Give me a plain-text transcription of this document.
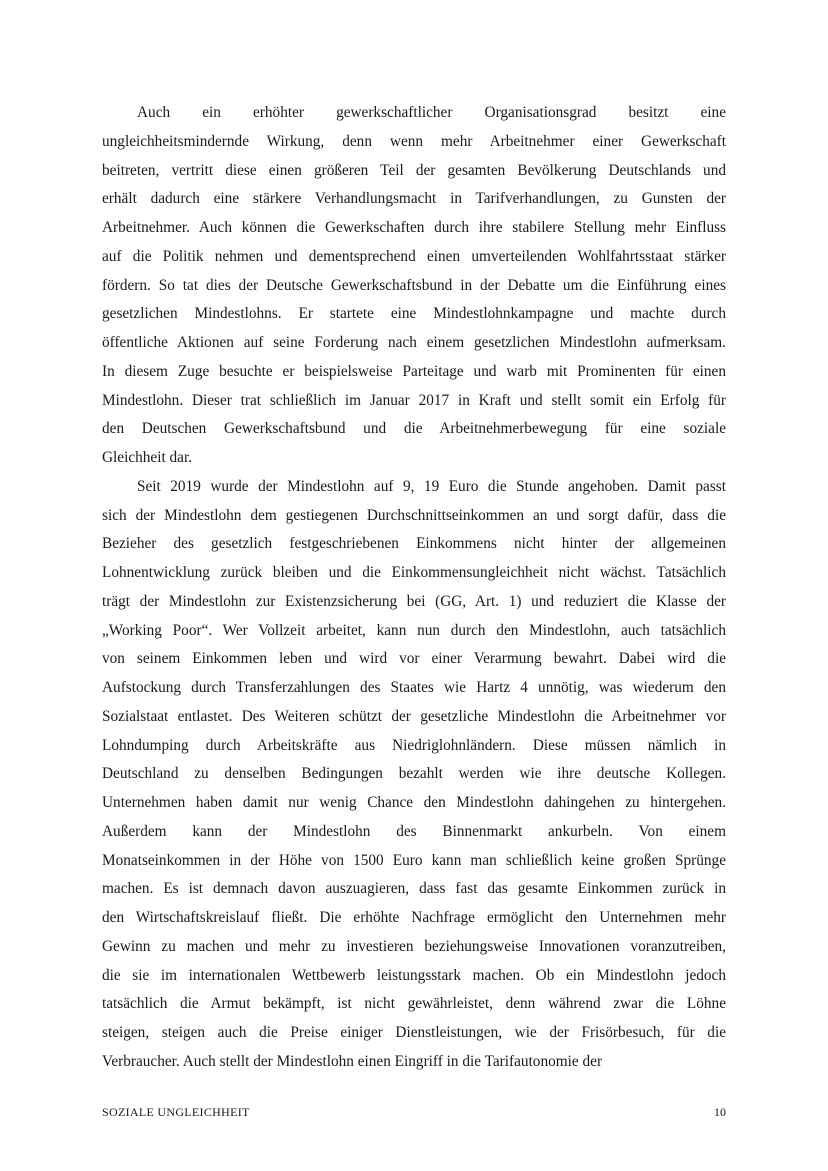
Auch ein erhöhter gewerkschaftlicher Organisationsgrad besitzt eine
ungleichheitsmindernde Wirkung, denn wenn mehr Arbeitnehmer einer Gewerkschaft
beitreten, vertritt diese einen größeren Teil der gesamten Bevölkerung Deutschlands und
erhält dadurch eine stärkere Verhandlungsmacht in Tarifverhandlungen, zu Gunsten der
Arbeitnehmer. Auch können die Gewerkschaften durch ihre stabilere Stellung mehr Einfluss
auf die Politik nehmen und dementsprechend einen umverteilenden Wohlfahrtsstaat stärker
fördern. So tat dies der Deutsche Gewerkschaftsbund in der Debatte um die Einführung eines
gesetzlichen Mindestlohns. Er startete eine Mindestlohnkampagne und machte durch
öffentliche Aktionen auf seine Forderung nach einem gesetzlichen Mindestlohn aufmerksam.
In diesem Zuge besuchte er beispielsweise Parteitage und warb mit Prominenten für einen
Mindestlohn. Dieser trat schließlich im Januar 2017 in Kraft und stellt somit ein Erfolg für
den Deutschen Gewerkschaftsbund und die Arbeitnehmerbewegung für eine soziale
Gleichheit dar.
Seit 2019 wurde der Mindestlohn auf 9, 19 Euro die Stunde angehoben. Damit passt
sich der Mindestlohn dem gestiegenen Durchschnittseinkommen an und sorgt dafür, dass die
Bezieher des gesetzlich festgeschriebenen Einkommens nicht hinter der allgemeinen
Lohnentwicklung zurück bleiben und die Einkommensungleichheit nicht wächst. Tatsächlich
trägt der Mindestlohn zur Existenzsicherung bei (GG, Art. 1) und reduziert die Klasse der
„Working Poor“. Wer Vollzeit arbeitet, kann nun durch den Mindestlohn, auch tatsächlich
von seinem Einkommen leben und wird vor einer Verarmung bewahrt. Dabei wird die
Aufstockung durch Transferzahlungen des Staates wie Hartz 4 unnötig, was wiederum den
Sozialstaat entlastet. Des Weiteren schützt der gesetzliche Mindestlohn die Arbeitnehmer vor
Lohndumping durch Arbeitskräfte aus Niedriglohnländern. Diese müssen nämlich in
Deutschland zu denselben Bedingungen bezahlt werden wie ihre deutsche Kollegen.
Unternehmen haben damit nur wenig Chance den Mindestlohn dahingehen zu hintergehen.
Außerdem kann der Mindestlohn des Binnenmarkt ankurbeln. Von einem
Monatseinkommen in der Höhe von 1500 Euro kann man schließlich keine großen Sprünge
machen. Es ist demnach davon auszuagieren, dass fast das gesamte Einkommen zurück in
den Wirtschaftskreislauf fließt. Die erhöhte Nachfrage ermöglicht den Unternehmen mehr
Gewinn zu machen und mehr zu investieren beziehungsweise Innovationen voranzutreiben,
die sie im internationalen Wettbewerb leistungsstark machen. Ob ein Mindestlohn jedoch
tatsächlich die Armut bekämpft, ist nicht gewährleistet, denn während zwar die Löhne
steigen, steigen auch die Preise einiger Dienstleistungen, wie der Frisörbesuch, für die
Verbraucher. Auch stellt der Mindestlohn einen Eingriff in die Tarifautonomie der
SOZIALE UNGLEICHHEIT	10
